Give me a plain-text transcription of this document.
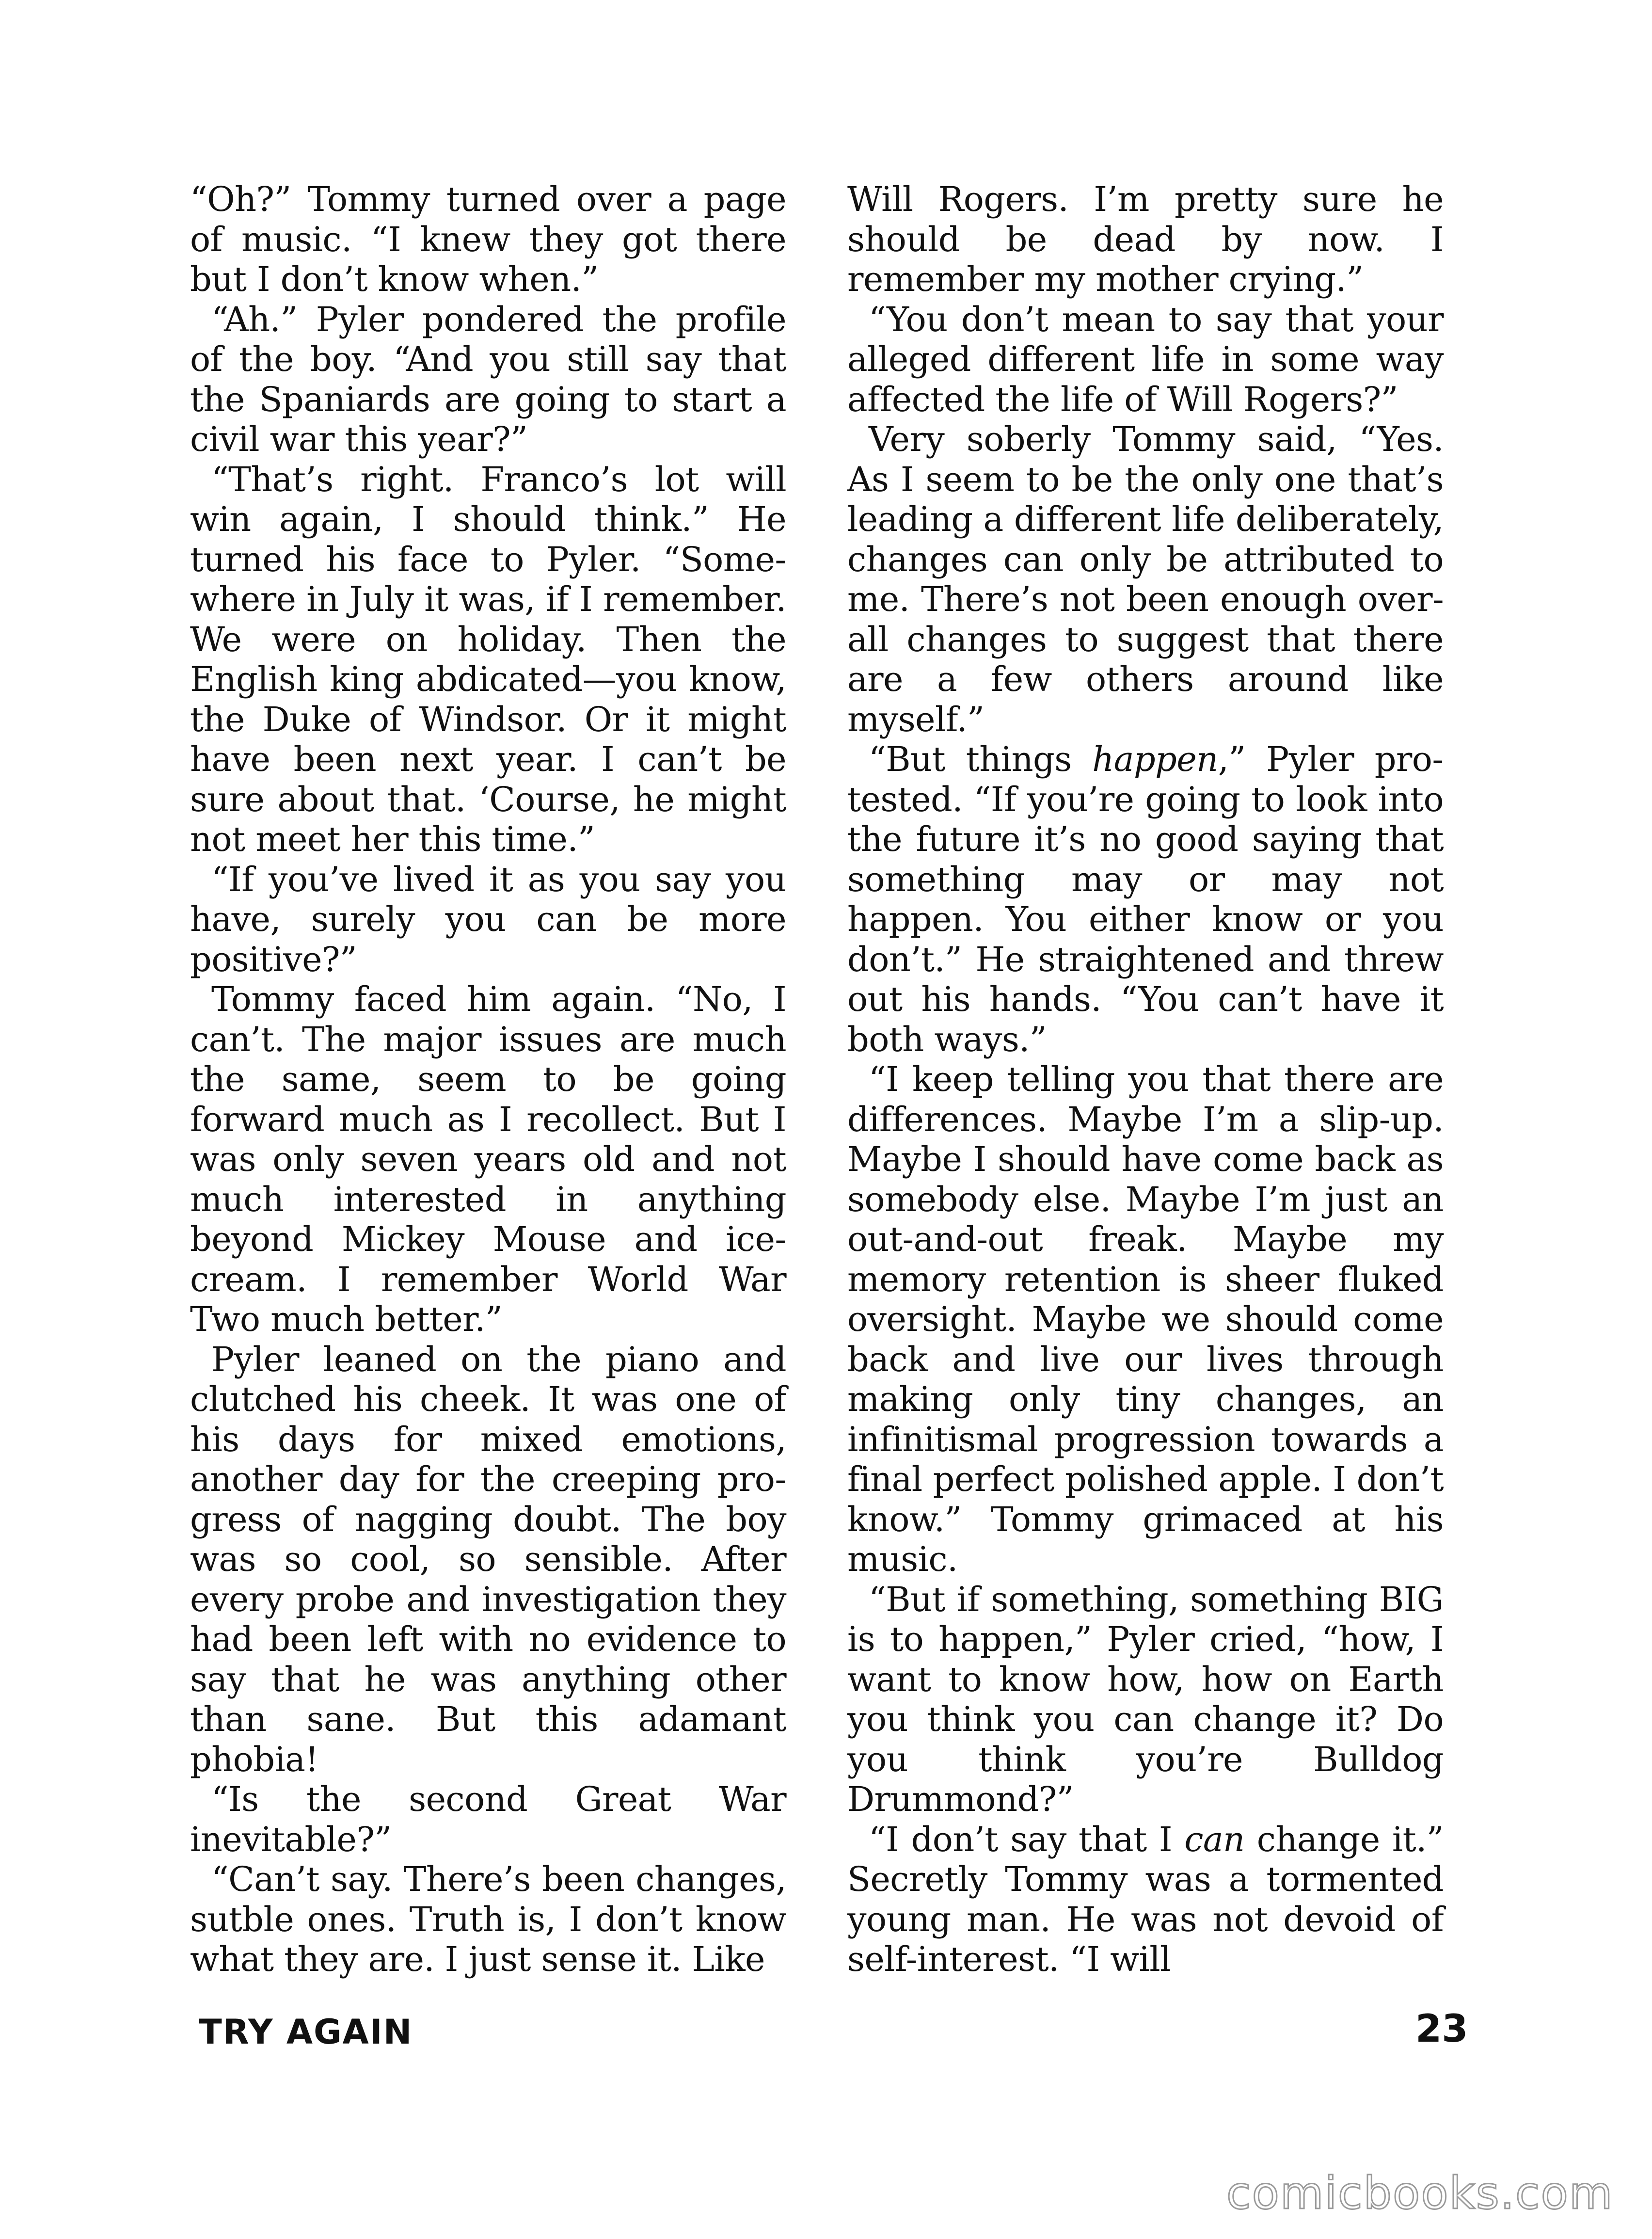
“Oh?” Tommy turned over a page of music. “I knew they got there but I don’t know when.”

“Ah.” Pyler pondered the profile of the boy. “And you still say that the Spaniards are going to start a civil war this year?”

“That’s right. Franco’s lot will win again, I should think.” He turned his face to Pyler. “Somewhere in July it was, if I remember. We were on holiday. Then the English king abdicated—you know, the Duke of Windsor. Or it might have been next year. I can’t be sure about that. ‘Course, he might not meet her this time.”

“If you’ve lived it as you say you have, surely you can be more positive?”

Tommy faced him again. “No, I can’t. The major issues are much the same, seem to be going forward much as I recollect. But I was only seven years old and not much interested in anything beyond Mickey Mouse and icecream. I remember World War Two much better.”

Pyler leaned on the piano and clutched his cheek. It was one of his days for mixed emotions, another day for the creeping progress of nagging doubt. The boy was so cool, so sensible. After every probe and investigation they had been left with no evidence to say that he was anything other than sane. But this adamant phobia!

“Is the second Great War inevitable?”

“Can’t say. There’s been changes, sutble ones. Truth is, I don’t know what they are. I just sense it. Like

Will Rogers. I’m pretty sure he should be dead by now. I remember my mother crying.”

“You don’t mean to say that your alleged different life in some way affected the life of Will Rogers?”

Very soberly Tommy said, “Yes. As I seem to be the only one that’s leading a different life deliberately, changes can only be attributed to me. There’s not been enough over-all changes to suggest that there are a few others around like myself.”

“But things happen,” Pyler protested. “If you’re going to look into the future it’s no good saying that something may or may not happen. You either know or you don’t.” He straightened and threw out his hands. “You can’t have it both ways.”

“I keep telling you that there are differences. Maybe I’m a slip-up. Maybe I should have come back as somebody else. Maybe I’m just an out-and-out freak. Maybe my memory retention is sheer fluked oversight. Maybe we should come back and live our lives through making only tiny changes, an infinitismal progression towards a final perfect polished apple. I don’t know.” Tommy grimaced at his music.

“But if something, something BIG is to happen,” Pyler cried, “how, I want to know how, how on Earth you think you can change it? Do you think you’re Bulldog Drummond?”

“I don’t say that I can change it.” Secretly Tommy was a tormented young man. He was not devoid of self-interest. “I will

TRY AGAIN	23
comicbooks.com
